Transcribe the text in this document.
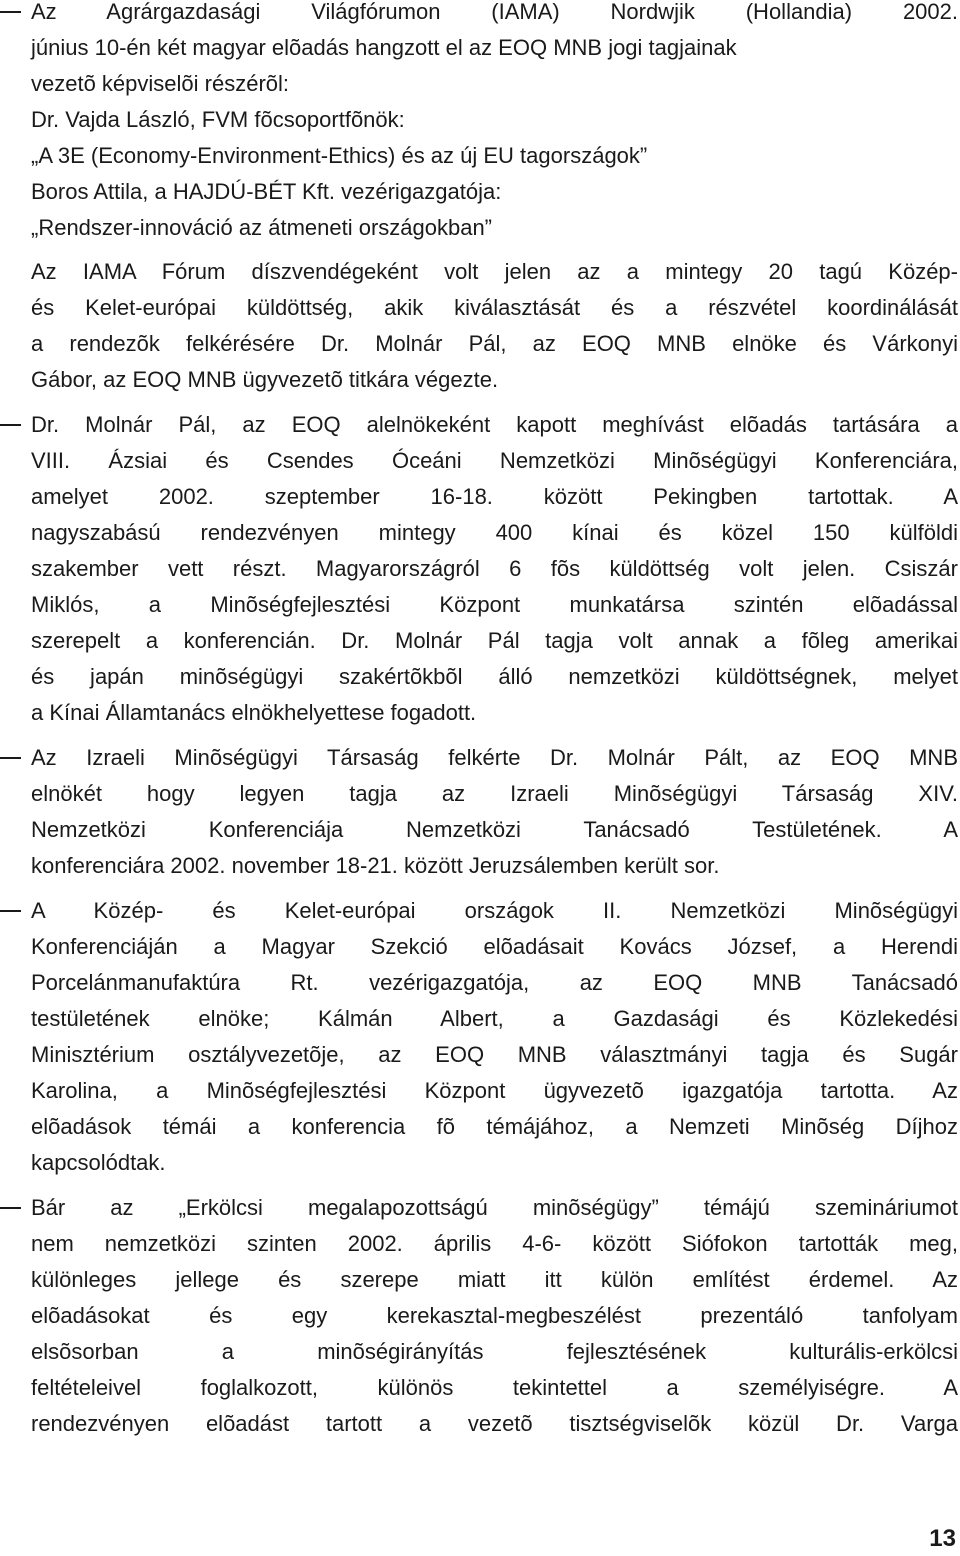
Az Agrárgazdasági Világfórumon (IAMA) Nordwjik (Hollandia) 2002.
június 10-én két magyar elõadás hangzott el az EOQ MNB jogi tagjainak
vezetõ képviselõi részérõl:
Dr. Vajda László, FVM fõcsoportfõnök:
„A 3E (Economy-Environment-Ethics) és az új EU tagországok”
Boros Attila, a HAJDÚ-BÉT Kft. vezérigazgatója:
„Rendszer-innováció az átmeneti országokban”
Az IAMA Fórum díszvendégeként volt jelen az a mintegy 20 tagú Közép-
és Kelet-európai küldöttség, akik kiválasztását és a részvétel koordinálását
a rendezõk felkérésére Dr. Molnár Pál, az EOQ MNB elnöke és Várkonyi
Gábor, az EOQ MNB ügyvezetõ titkára végezte.
Dr. Molnár Pál, az EOQ alelnökeként kapott meghívást elõadás tartására a
VIII. Ázsiai és Csendes Óceáni Nemzetközi Minõségügyi Konferenciára,
amelyet 2002. szeptember 16-18. között Pekingben tartottak. A
nagyszabású rendezvényen mintegy 400 kínai és közel 150 külföldi
szakember vett részt. Magyarországról 6 fõs küldöttség volt jelen. Csiszár
Miklós, a Minõségfejlesztési Központ munkatársa szintén elõadással
szerepelt a konferencián. Dr. Molnár Pál tagja volt annak a fõleg amerikai
és japán minõségügyi szakértõkbõl álló nemzetközi küldöttségnek, melyet
a Kínai Államtanács elnökhelyettese fogadott.
Az Izraeli Minõségügyi Társaság felkérte Dr. Molnár Pált, az EOQ MNB
elnökét hogy legyen tagja az Izraeli Minõségügyi Társaság XIV.
Nemzetközi Konferenciája Nemzetközi Tanácsadó Testületének. A
konferenciára 2002. november 18-21. között Jeruzsálemben került sor.
A Közép- és Kelet-európai országok II. Nemzetközi Minõségügyi
Konferenciáján a Magyar Szekció elõadásait Kovács József, a Herendi
Porcelánmanufaktúra Rt. vezérigazgatója, az EOQ MNB Tanácsadó
testületének elnöke; Kálmán Albert, a Gazdasági és Közlekedési
Minisztérium osztályvezetõje, az EOQ MNB választmányi tagja és Sugár
Karolina, a Minõségfejlesztési Központ ügyvezetõ igazgatója tartotta. Az
elõadások témái a konferencia fõ témájához, a Nemzeti Minõség Díjhoz
kapcsolódtak.
Bár az „Erkölcsi megalapozottságú minõségügy” témájú szemináriumot
nem nemzetközi szinten 2002. április 4-6- között Siófokon tartották meg,
különleges jellege és szerepe miatt itt külön említést érdemel. Az
elõadásokat és egy kerekasztal-megbeszélést prezentáló tanfolyam
elsõsorban a minõségirányítás fejlesztésének kulturális-erkölcsi
feltételeivel foglalkozott, különös tekintettel a személyiségre. A
rendezvényen elõadást tartott a vezetõ tisztségviselõk közül Dr. Varga
13
